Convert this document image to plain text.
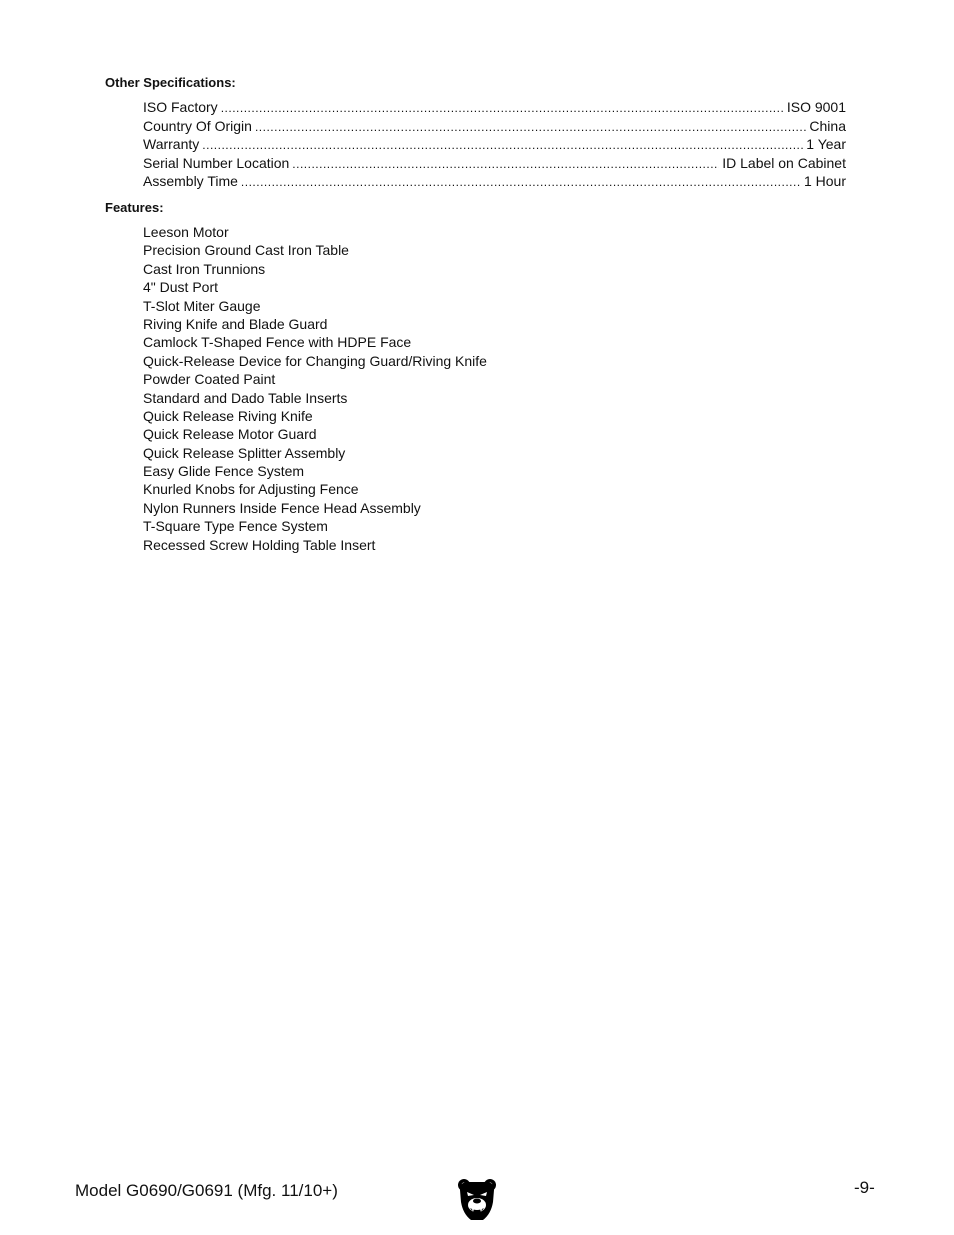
Other Specifications:
ISO Factory .....	ISO 9001
Country Of Origin .....	China
Warranty .....	1 Year
Serial Number Location .....	ID Label on Cabinet
Assembly Time .....	1 Hour
Features:
Leeson Motor
Precision Ground Cast Iron Table
Cast Iron Trunnions
4" Dust Port
T-Slot Miter Gauge
Riving Knife and Blade Guard
Camlock T-Shaped Fence with HDPE Face
Quick-Release Device for Changing Guard/Riving Knife
Powder Coated Paint
Standard and Dado Table Inserts
Quick Release Riving Knife
Quick Release Motor Guard
Quick Release Splitter Assembly
Easy Glide Fence System
Knurled Knobs for Adjusting Fence
Nylon Runners Inside Fence Head Assembly
T-Square Type Fence System
Recessed Screw Holding Table Insert
Model G0690/G0691 (Mfg. 11/10+)	-9-
